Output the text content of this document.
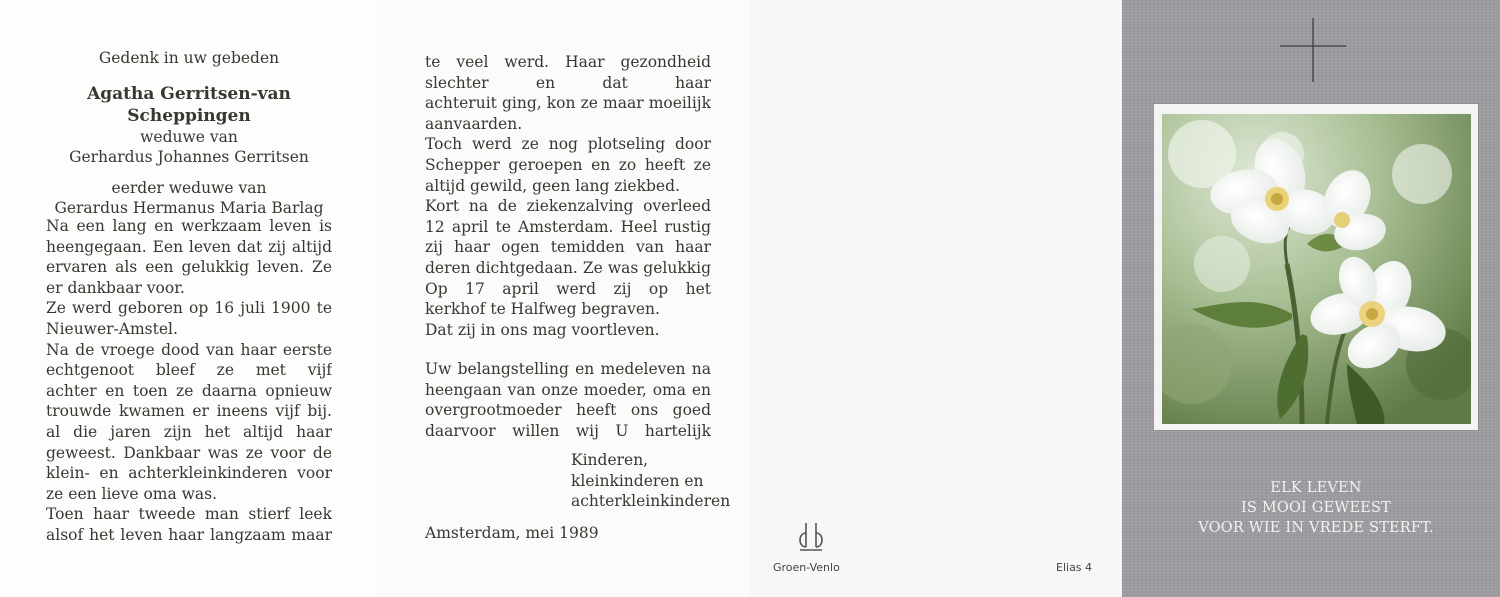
Gedenk in uw gebeden
Agatha Gerritsen-van Scheppingen
weduwe van
Gerhardus Johannes Gerritsen
eerder weduwe van
Gerardus Hermanus Maria Barlag
Na een lang en werkzaam leven is
heengegaan. Een leven dat zij altijd
ervaren als een gelukkig leven. Ze
er dankbaar voor.
Ze werd geboren op 16 juli 1900 te
Nieuwer-Amstel.
Na de vroege dood van haar eerste
echtgenoot bleef ze met vijf
achter en toen ze daarna opnieuw
trouwde kwamen er ineens vijf bij.
al die jaren zijn het altijd haar
geweest. Dankbaar was ze voor de
klein- en achterkleinkinderen voor
ze een lieve oma was.
Toen haar tweede man stierf leek
alsof het leven haar langzaam maar
te veel werd. Haar gezondheid
slechter en dat haar
achteruit ging, kon ze maar moeilijk
aanvaarden.
Toch werd ze nog plotseling door
Schepper geroepen en zo heeft ze
altijd gewild, geen lang ziekbed.
Kort na de ziekenzalving overleed
12 april te Amsterdam. Heel rustig
zij haar ogen temidden van haar
deren dichtgedaan. Ze was gelukkig
Op 17 april werd zij op het
kerkhof te Halfweg begraven.
Dat zij in ons mag voortleven.
Uw belangstelling en medeleven na
heengaan van onze moeder, oma en
overgrootmoeder heeft ons goed
daarvoor willen wij U hartelijk
Kinderen,
kleinkinderen en
achterkleinkinderen
Amsterdam, mei 1989
Groen-Venlo	Elias 4
ELK LEVEN
IS MOOI GEWEEST
VOOR WIE IN VREDE STERFT.
